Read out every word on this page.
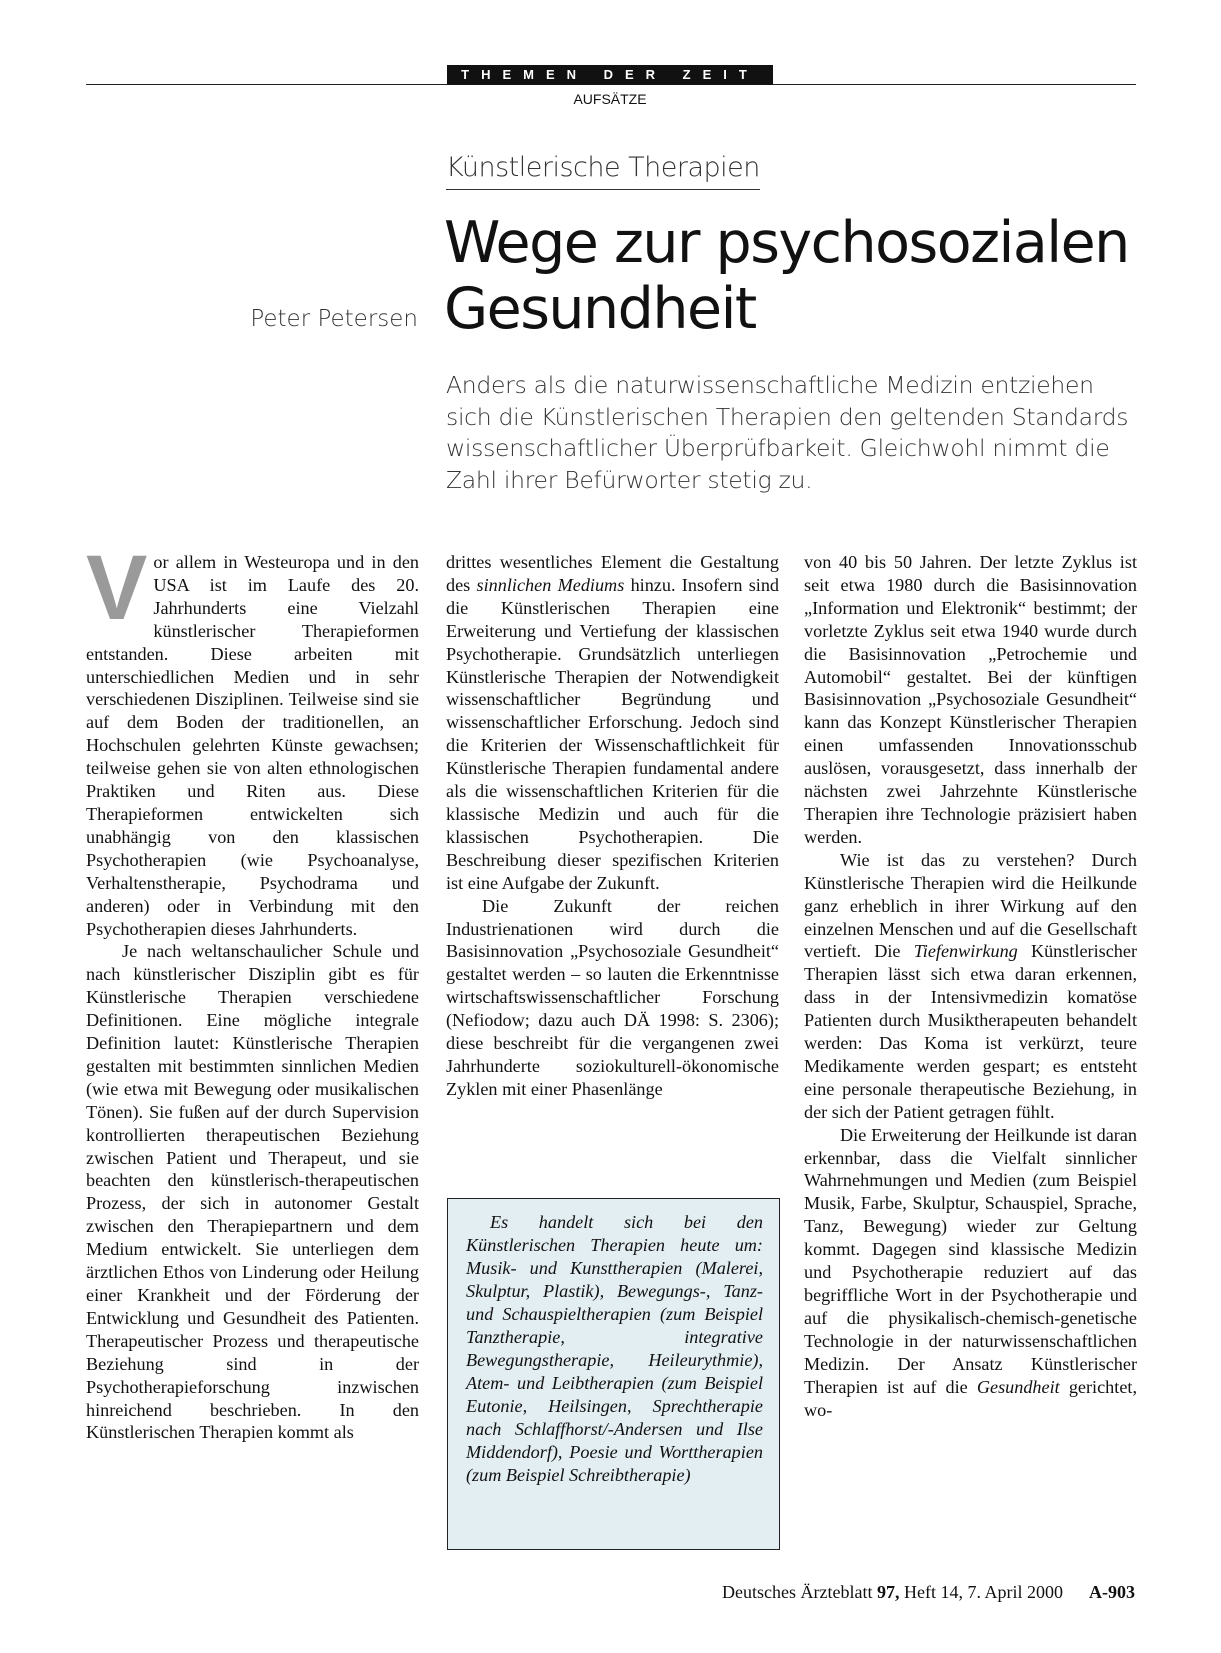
THEMEN DER ZEIT
AUFSÄTZE
Künstlerische Therapien
Wege zur psychosozialen
Gesundheit
Peter Petersen

Anders als die naturwissenschaftliche Medizin entziehen sich die Künstlerischen Therapien den geltenden Standards wissenschaftlicher Überprüfbarkeit. Gleichwohl nimmt die Zahl ihrer Befürworter stetig zu.

Vor allem in Westeuropa und in den USA ist im Laufe des 20. Jahrhunderts eine Vielzahl künstlerischer Therapieformen entstanden. Diese arbeiten mit unterschiedlichen Medien und in sehr verschiedenen Disziplinen. Teilweise sind sie auf dem Boden der traditionellen, an Hochschulen gelehrten Künste gewachsen; teilweise gehen sie von alten ethnologischen Praktiken und Riten aus. Diese Therapieformen entwickelten sich unabhängig von den klassischen Psychotherapien (wie Psychoanalyse, Verhaltenstherapie, Psychodrama und anderen) oder in Verbindung mit den Psychotherapien dieses Jahrhunderts.

Je nach weltanschaulicher Schule und nach künstlerischer Disziplin gibt es für Künstlerische Therapien verschiedene Definitionen. Eine mögliche integrale Definition lautet: Künstlerische Therapien gestalten mit bestimmten sinnlichen Medien (wie etwa mit Bewegung oder musikalischen Tönen). Sie fußen auf der durch Supervision kontrollierten therapeutischen Beziehung zwischen Patient und Therapeut, und sie beachten den künstlerisch-therapeutischen Prozess, der sich in autonomer Gestalt zwischen den Therapiepartnern und dem Medium entwickelt. Sie unterliegen dem ärztlichen Ethos von Linderung oder Heilung einer Krankheit und der Förderung der Entwicklung und Gesundheit des Patienten. Therapeutischer Prozess und therapeutische Beziehung sind in der Psychotherapieforschung inzwischen hinreichend beschrieben. In den Künstlerischen Therapien kommt als

drittes wesentliches Element die Gestaltung des sinnlichen Mediums hinzu. Insofern sind die Künstlerischen Therapien eine Erweiterung und Vertiefung der klassischen Psychotherapie. Grundsätzlich unterliegen Künstlerische Therapien der Notwendigkeit wissenschaftlicher Begründung und wissenschaftlicher Erforschung. Jedoch sind die Kriterien der Wissenschaftlichkeit für Künstlerische Therapien fundamental andere als die wissenschaftlichen Kriterien für die klassische Medizin und auch für die klassischen Psychotherapien. Die Beschreibung dieser spezifischen Kriterien ist eine Aufgabe der Zukunft.

Die Zukunft der reichen Industrienationen wird durch die Basisinnovation „Psychosoziale Gesundheit“ gestaltet werden – so lauten die Erkenntnisse wirtschaftswissenschaftlicher Forschung (Nefiodow; dazu auch DÄ 1998: S. 2306); diese beschreibt für die vergangenen zwei Jahrhunderte soziokulturell-ökonomische Zyklen mit einer Phasenlänge

von 40 bis 50 Jahren. Der letzte Zyklus ist seit etwa 1980 durch die Basisinnovation „Information und Elektronik“ bestimmt; der vorletzte Zyklus seit etwa 1940 wurde durch die Basisinnovation „Petrochemie und Automobil“ gestaltet. Bei der künftigen Basisinnovation „Psychosoziale Gesundheit“ kann das Konzept Künstlerischer Therapien einen umfassenden Innovationsschub auslösen, vorausgesetzt, dass innerhalb der nächsten zwei Jahrzehnte Künstlerische Therapien ihre Technologie präzisiert haben werden.

Wie ist das zu verstehen? Durch Künstlerische Therapien wird die Heilkunde ganz erheblich in ihrer Wirkung auf den einzelnen Menschen und auf die Gesellschaft vertieft. Die Tiefenwirkung Künstlerischer Therapien lässt sich etwa daran erkennen, dass in der Intensivmedizin komatöse Patienten durch Musiktherapeuten behandelt werden: Das Koma ist verkürzt, teure Medikamente werden gespart; es entsteht eine personale therapeutische Beziehung, in der sich der Patient getragen fühlt.

Die Erweiterung der Heilkunde ist daran erkennbar, dass die Vielfalt sinnlicher Wahrnehmungen und Medien (zum Beispiel Musik, Farbe, Skulptur, Schauspiel, Sprache, Tanz, Bewegung) wieder zur Geltung kommt. Dagegen sind klassische Medizin und Psychotherapie reduziert auf das begriffliche Wort in der Psychotherapie und auf die physikalisch-chemisch-genetische Technologie in der naturwissenschaftlichen Medizin. Der Ansatz Künstlerischer Therapien ist auf die Gesundheit gerichtet, wo-

Es handelt sich bei den Künstlerischen Therapien heute um: Musik- und Kunsttherapien (Malerei, Skulptur, Plastik), Bewegungs-, Tanz- und Schauspieltherapien (zum Beispiel Tanztherapie, integrative Bewegungstherapie, Heileurythmie), Atem- und Leibtherapien (zum Beispiel Eutonie, Heilsingen, Sprechtherapie nach Schlaffhorst/-Andersen und Ilse Middendorf), Poesie und Worttherapien (zum Beispiel Schreibtherapie)

Deutsches Ärzteblatt 97, Heft 14, 7. April 2000 A-903
